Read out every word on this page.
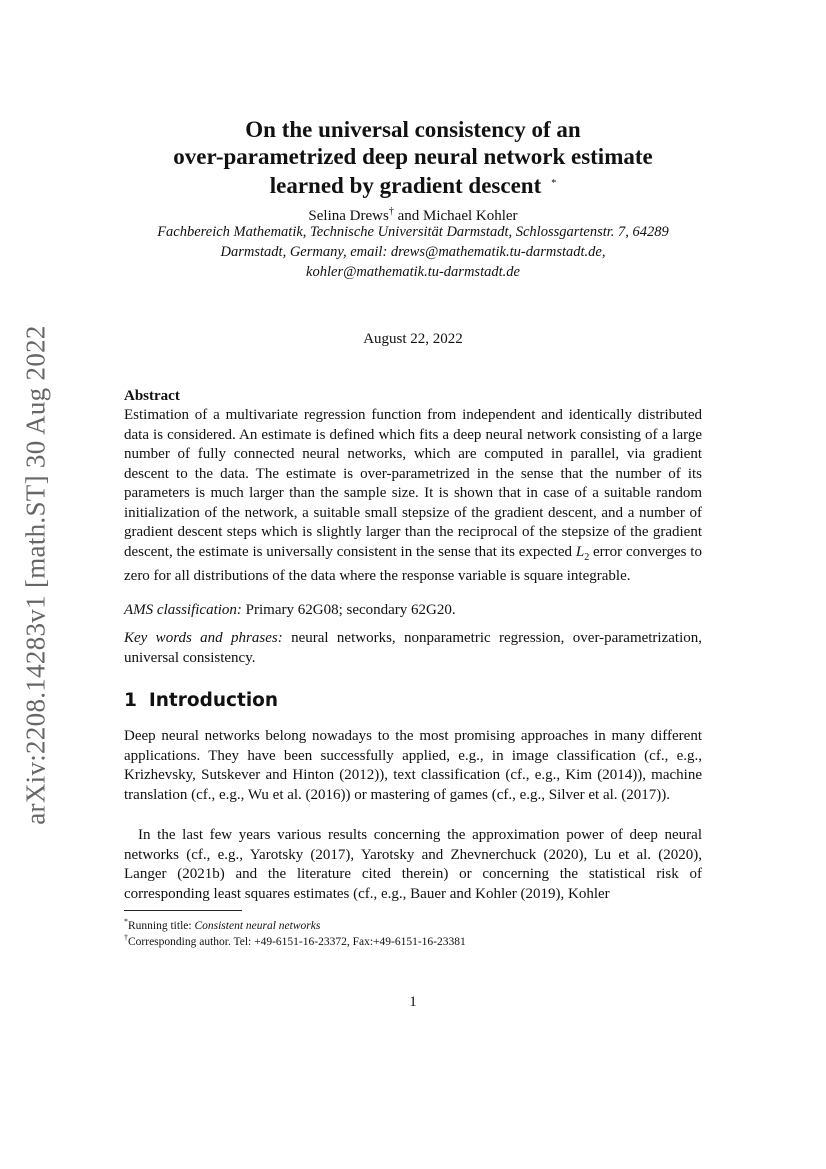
arXiv:2208.14283v1 [math.ST] 30 Aug 2022
On the universal consistency of an
over-parametrized deep neural network estimate
learned by gradient descent *
Selina Drews† and Michael Kohler
Fachbereich Mathematik, Technische Universität Darmstadt, Schlossgartenstr. 7, 64289
Darmstadt, Germany, email: drews@mathematik.tu-darmstadt.de,
kohler@mathematik.tu-darmstadt.de
August 22, 2022
Abstract
Estimation of a multivariate regression function from independent and identically distributed data is considered. An estimate is defined which fits a deep neural network consisting of a large number of fully connected neural networks, which are computed in parallel, via gradient descent to the data. The estimate is over-parametrized in the sense that the number of its parameters is much larger than the sample size. It is shown that in case of a suitable random initialization of the network, a suitable small stepsize of the gradient descent, and a number of gradient descent steps which is slightly larger than the reciprocal of the stepsize of the gradient descent, the estimate is universally consistent in the sense that its expected $L_2$ error converges to zero for all distributions of the data where the response variable is square integrable.
AMS classification: Primary 62G08; secondary 62G20.
Key words and phrases: neural networks, nonparametric regression, over-parametrization, universal consistency.
1 Introduction
Deep neural networks belong nowadays to the most promising approaches in many different applications. They have been successfully applied, e.g., in image classification (cf., e.g., Krizhevsky, Sutskever and Hinton (2012)), text classification (cf., e.g., Kim (2014)), machine translation (cf., e.g., Wu et al. (2016)) or mastering of games (cf., e.g., Silver et al. (2017)).
In the last few years various results concerning the approximation power of deep neural networks (cf., e.g., Yarotsky (2017), Yarotsky and Zhevnerchuck (2020), Lu et al. (2020), Langer (2021b) and the literature cited therein) or concerning the statistical risk of corresponding least squares estimates (cf., e.g., Bauer and Kohler (2019), Kohler
*Running title: Consistent neural networks
†Corresponding author. Tel: +49-6151-16-23372, Fax:+49-6151-16-23381
1
